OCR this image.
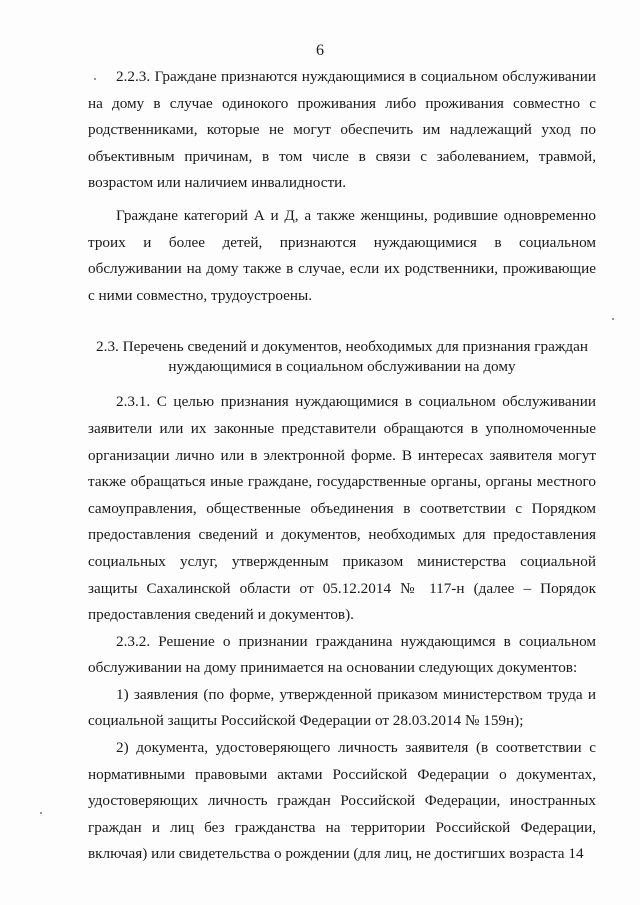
6

2.2.3. Граждане признаются нуждающимися в социальном обслуживании на дому в случае одинокого проживания либо проживания совместно с родственниками, которые не могут обеспечить им надлежащий уход по объективным причинам, в том числе в связи с заболеванием, травмой, возрастом или наличием инвалидности.

Граждане категорий А и Д, а также женщины, родившие одновременно троих и более детей, признаются нуждающимися в социальном обслуживании на дому также в случае, если их родственники, проживающие с ними совместно, трудоустроены.

2.3. Перечень сведений и документов, необходимых для признания граждан

нуждающимися в социальном обслуживании на дому

2.3.1. С целью признания нуждающимися в социальном обслуживании заявители или их законные представители обращаются в уполномоченные организации лично или в электронной форме. В интересах заявителя могут также обращаться иные граждане, государственные органы, органы местного самоуправления, общественные объединения в соответствии с Порядком предоставления сведений и документов, необходимых для предоставления социальных услуг, утвержденным приказом министерства социальной защиты Сахалинской области от 05.12.2014 № 117-н (далее – Порядок предоставления сведений и документов).

2.3.2. Решение о признании гражданина нуждающимся в социальном обслуживании на дому принимается на основании следующих документов:

1) заявления (по форме, утвержденной приказом министерством труда и социальной защиты Российской Федерации от 28.03.2014 № 159н);

2) документа, удостоверяющего личность заявителя (в соответствии с нормативными правовыми актами Российской Федерации о документах, удостоверяющих личность граждан Российской Федерации, иностранных граждан и лиц без гражданства на территории Российской Федерации, включая) или свидетельства о рождении (для лиц, не достигших возраста 14
